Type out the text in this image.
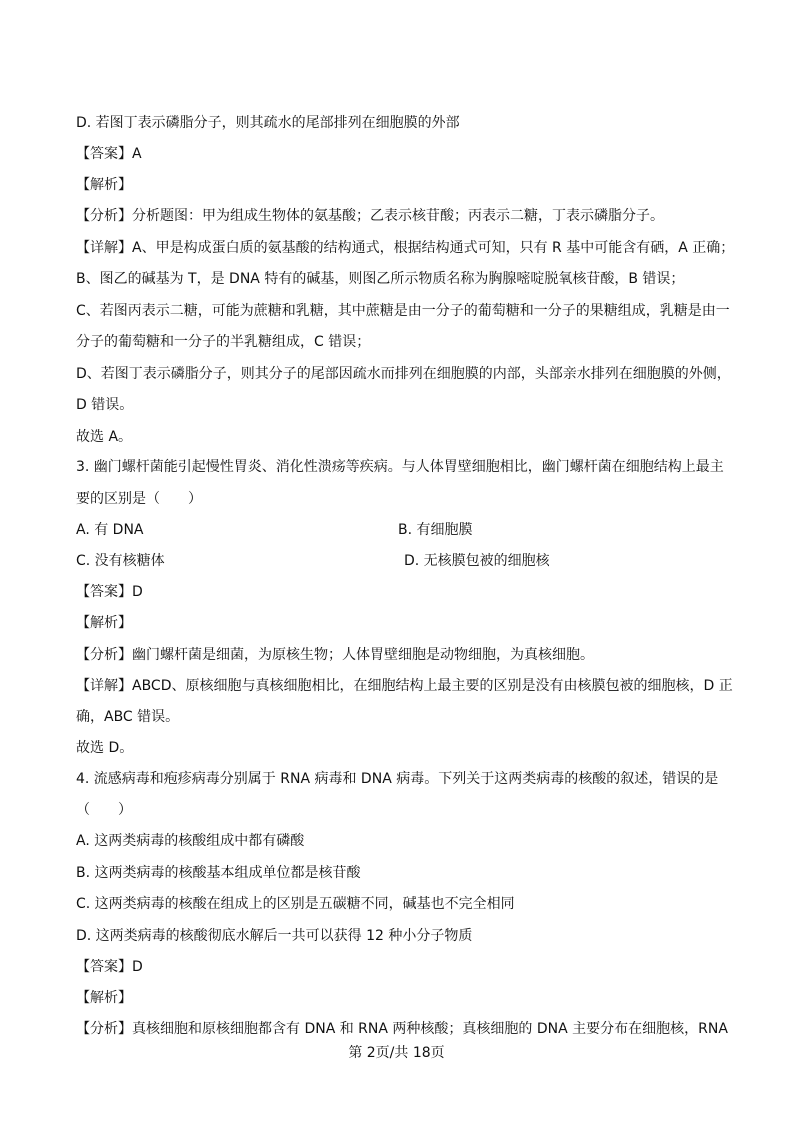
D. 若图丁表示磷脂分子，则其疏水的尾部排列在细胞膜的外部
【答案】A
【解析】
【分析】分析题图：甲为组成生物体的氨基酸；乙表示核苷酸；丙表示二糖，丁表示磷脂分子。
【详解】A、甲是构成蛋白质的氨基酸的结构通式，根据结构通式可知，只有 R 基中可能含有硒，A 正确；
B、图乙的碱基为 T，是 DNA 特有的碱基，则图乙所示物质名称为胸腺嘧啶脱氧核苷酸，B 错误；
C、若图丙表示二糖，可能为蔗糖和乳糖，其中蔗糖是由一分子的葡萄糖和一分子的果糖组成，乳糖是由一
分子的葡萄糖和一分子的半乳糖组成，C 错误；
D、若图丁表示磷脂分子，则其分子的尾部因疏水而排列在细胞膜的内部，头部亲水排列在细胞膜的外侧，
D 错误。
故选 A。
3. 幽门螺杆菌能引起慢性胃炎、消化性溃疡等疾病。与人体胃壁细胞相比，幽门螺杆菌在细胞结构上最主
要的区别是（　　）
A. 有 DNA	B. 有细胞膜
C. 没有核糖体	D. 无核膜包被的细胞核
【答案】D
【解析】
【分析】幽门螺杆菌是细菌，为原核生物；人体胃壁细胞是动物细胞，为真核细胞。
【详解】ABCD、原核细胞与真核细胞相比，在细胞结构上最主要的区别是没有由核膜包被的细胞核，D 正
确，ABC 错误。
故选 D。
4. 流感病毒和疱疹病毒分别属于 RNA 病毒和 DNA 病毒。下列关于这两类病毒的核酸的叙述，错误的是
（　　）
A. 这两类病毒的核酸组成中都有磷酸
B. 这两类病毒的核酸基本组成单位都是核苷酸
C. 这两类病毒的核酸在组成上的区别是五碳糖不同，碱基也不完全相同
D. 这两类病毒的核酸彻底水解后一共可以获得 12 种小分子物质
【答案】D
【解析】
【分析】真核细胞和原核细胞都含有 DNA 和 RNA 两种核酸；真核细胞的 DNA 主要分布在细胞核，RNA
第 2页/共 18页
